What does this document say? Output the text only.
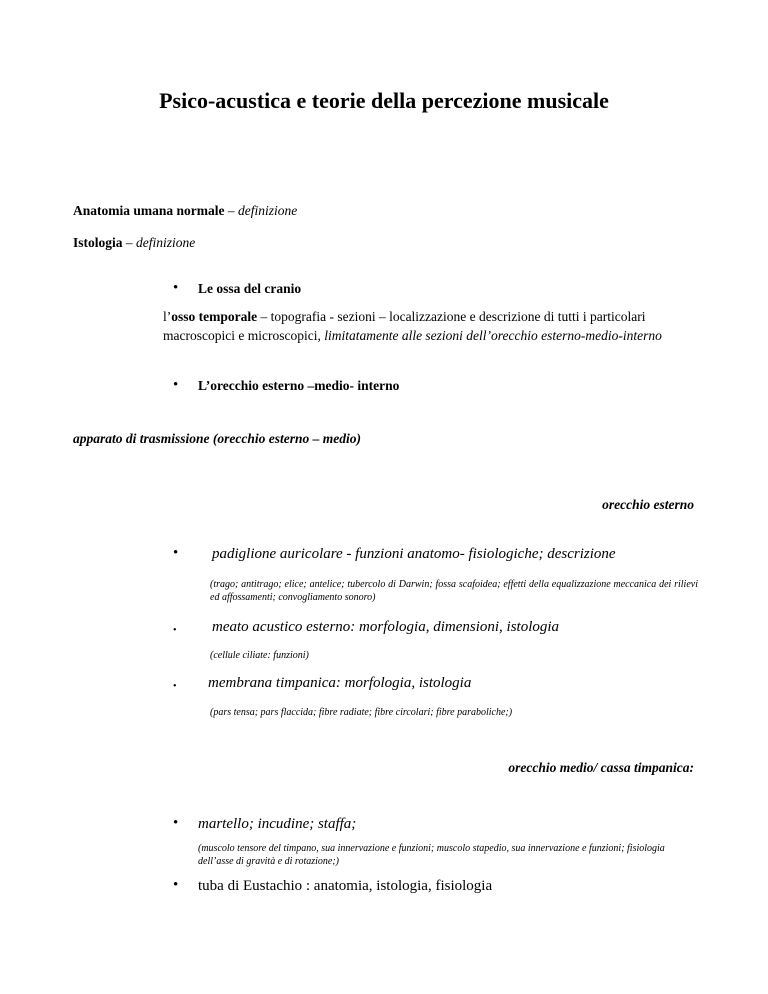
Psico-acustica e teorie della percezione musicale
Anatomia umana normale – definizione
Istologia – definizione
• Le ossa del cranio
l’osso temporale – topografia - sezioni – localizzazione e descrizione di tutti i particolari
macroscopici e microscopici, limitatamente alle sezioni dell’orecchio esterno-medio-interno
• L’orecchio esterno –medio- interno
apparato di trasmissione (orecchio esterno – medio)
orecchio esterno
• padiglione auricolare - funzioni anatomo- fisiologiche; descrizione
(trago; antitrago; elice; antelice; tubercolo di Darwin; fossa scafoidea; effetti della equalizzazione meccanica dei rilievi ed affossamenti; convogliamento sonoro)
• meato acustico esterno: morfologia, dimensioni, istologia
(cellule ciliate: funzioni)
• membrana timpanica: morfologia, istologia
(pars tensa; pars flaccida; fibre radiate; fibre circolari; fibre paraboliche;)
orecchio medio/ cassa timpanica:
• martello; incudine; staffa;
(muscolo tensore del timpano, sua innervazione e funzioni; muscolo stapedio, sua innervazione e funzioni; fisiologia dell’asse di gravità e di rotazione;)
• tuba di Eustachio : anatomia, istologia, fisiologia
